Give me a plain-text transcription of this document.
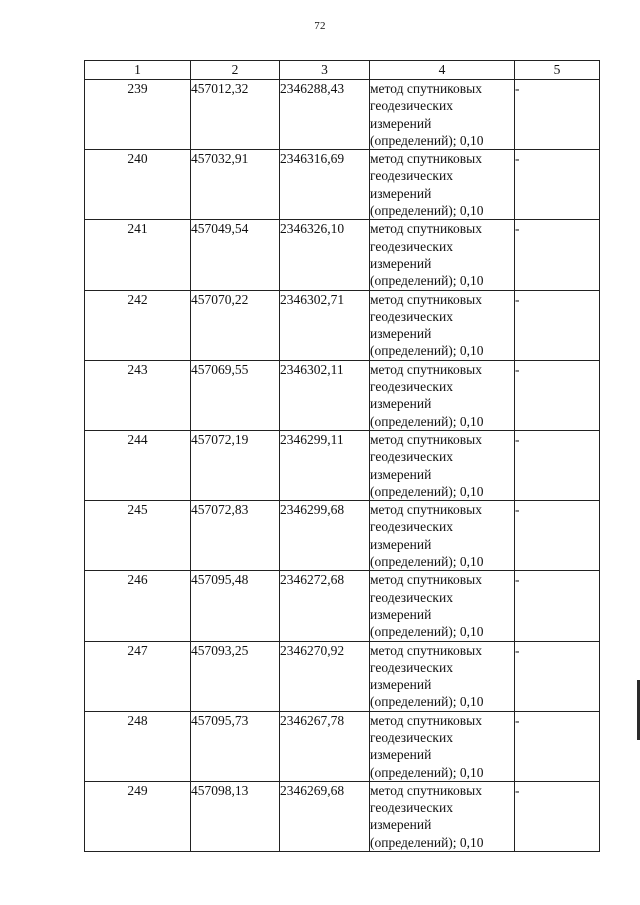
72
1	2	3	4	5
239	457012,32	2346288,43	метод спутниковых
геодезических
измерений
(определений); 0,10	-
240	457032,91	2346316,69	метод спутниковых
геодезических
измерений
(определений); 0,10	-
241	457049,54	2346326,10	метод спутниковых
геодезических
измерений
(определений); 0,10	-
242	457070,22	2346302,71	метод спутниковых
геодезических
измерений
(определений); 0,10	-
243	457069,55	2346302,11	метод спутниковых
геодезических
измерений
(определений); 0,10	-
244	457072,19	2346299,11	метод спутниковых
геодезических
измерений
(определений); 0,10	-
245	457072,83	2346299,68	метод спутниковых
геодезических
измерений
(определений); 0,10	-
246	457095,48	2346272,68	метод спутниковых
геодезических
измерений
(определений); 0,10	-
247	457093,25	2346270,92	метод спутниковых
геодезических
измерений
(определений); 0,10	-
248	457095,73	2346267,78	метод спутниковых
геодезических
измерений
(определений); 0,10	-
249	457098,13	2346269,68	метод спутниковых
геодезических
измерений
(определений); 0,10	-
